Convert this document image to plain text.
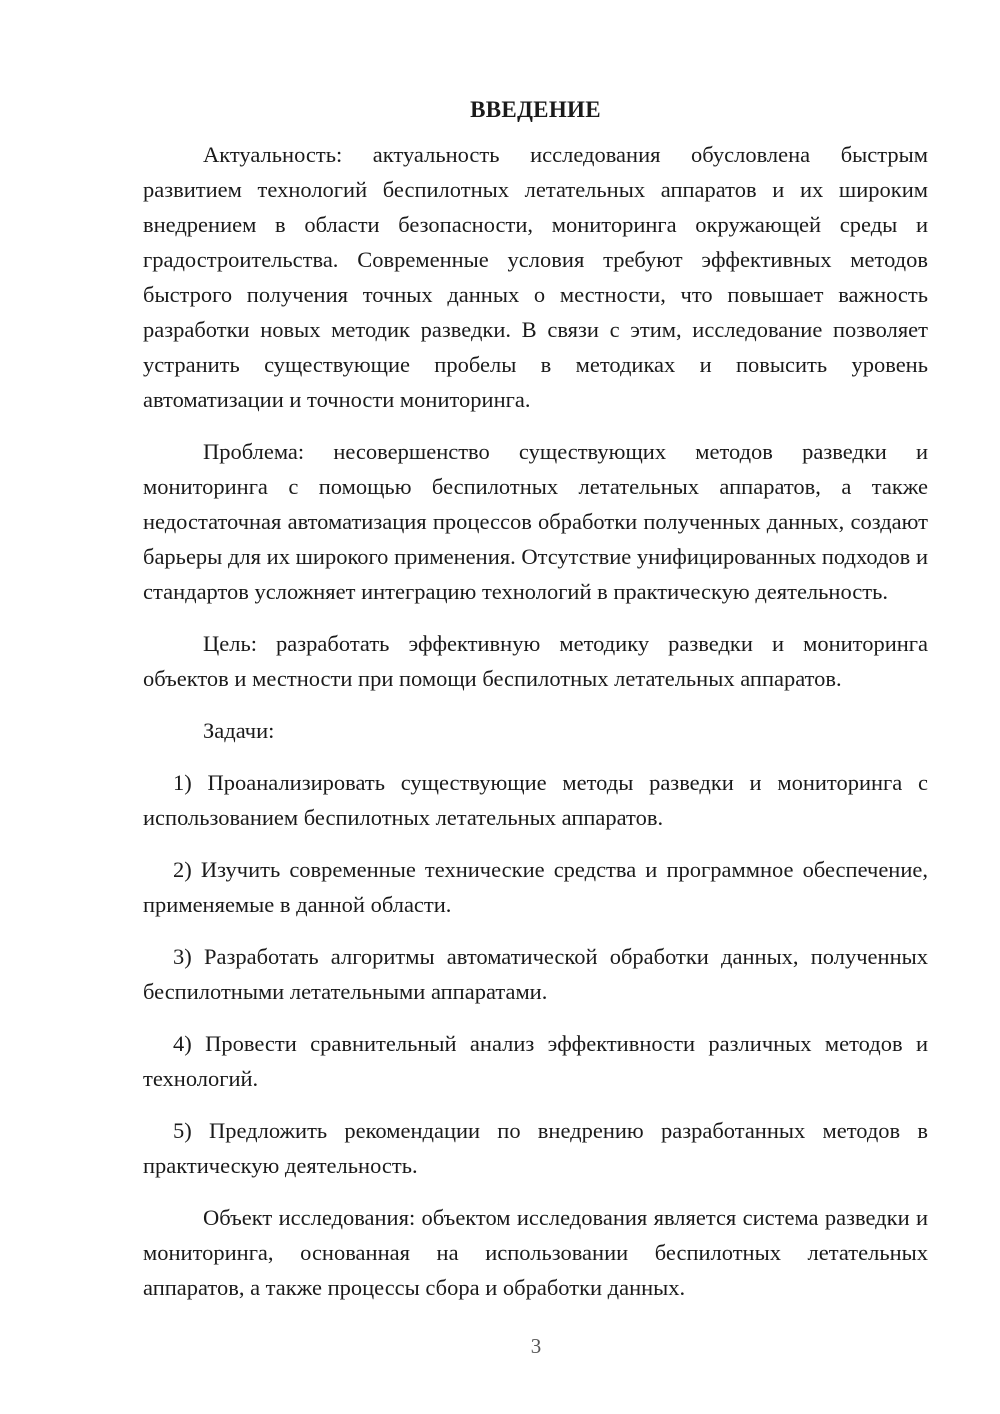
ВВЕДЕНИЕ

Актуальность: актуальность исследования обусловлена быстрым развитием технологий беспилотных летательных аппаратов и их широким внедрением в области безопасности, мониторинга окружающей среды и градостроительства. Современные условия требуют эффективных методов быстрого получения точных данных о местности, что повышает важность разработки новых методик разведки. В связи с этим, исследование позволяет устранить существующие пробелы в методиках и повысить уровень автоматизации и точности мониторинга.

Проблема: несовершенство существующих методов разведки и мониторинга с помощью беспилотных летательных аппаратов, а также недостаточная автоматизация процессов обработки полученных данных, создают барьеры для их широкого применения. Отсутствие унифицированных подходов и стандартов усложняет интеграцию технологий в практическую деятельность.

Цель: разработать эффективную методику разведки и мониторинга объектов и местности при помощи беспилотных летательных аппаратов.

Задачи:

1) Проанализировать существующие методы разведки и мониторинга с использованием беспилотных летательных аппаратов.

2) Изучить современные технические средства и программное обеспечение, применяемые в данной области.

3) Разработать алгоритмы автоматической обработки данных, полученных беспилотными летательными аппаратами.

4) Провести сравнительный анализ эффективности различных методов и технологий.

5) Предложить рекомендации по внедрению разработанных методов в практическую деятельность.

Объект исследования: объектом исследования является система разведки и мониторинга, основанная на использовании беспилотных летательных аппаратов, а также процессы сбора и обработки данных.

3
